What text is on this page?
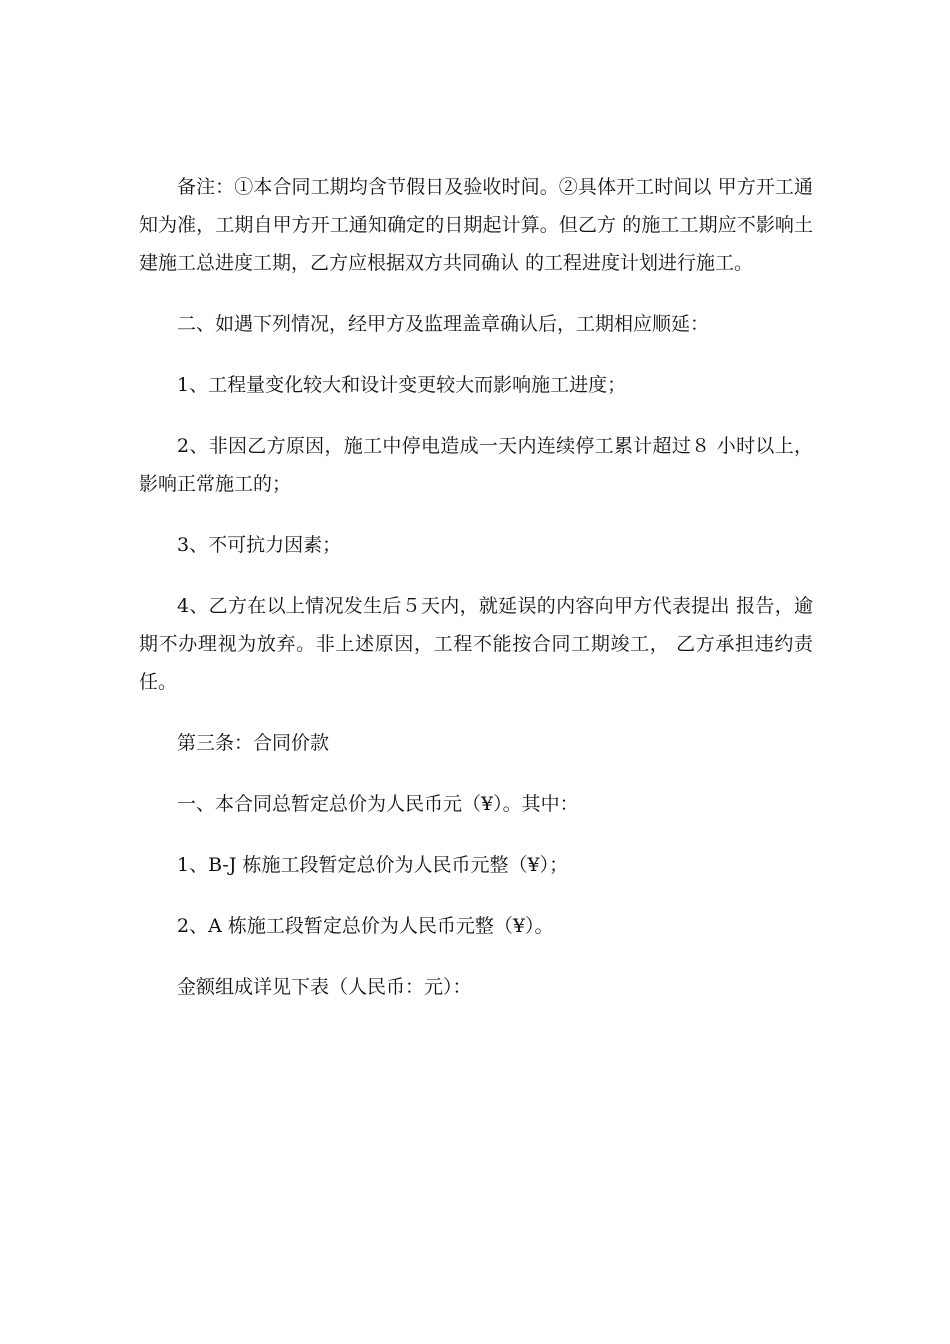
备注：①本合同工期均含节假日及验收时间。②具体开工时间以 甲方开工通知为准，工期自甲方开工通知确定的日期起计算。但乙方 的施工工期应不影响土建施工总进度工期，乙方应根据双方共同确认 的工程进度计划进行施工。

二、如遇下列情况，经甲方及监理盖章确认后，工期相应顺延：

1、工程量变化较大和设计变更较大而影响施工进度；

2、非因乙方原因，施工中停电造成一天内连续停工累计超过８ 小时以上，影响正常施工的；

3、不可抗力因素；

4、乙方在以上情况发生后５天内，就延误的内容向甲方代表提出 报告，逾期不办理视为放弃。非上述原因，工程不能按合同工期竣工， 乙方承担违约责任。

第三条：合同价款

一、本合同总暂定总价为人民币元（¥）。其中：

1、B-J 栋施工段暂定总价为人民币元整（¥）；

2、A 栋施工段暂定总价为人民币元整（¥）。

金额组成详见下表（人民币：元）：
